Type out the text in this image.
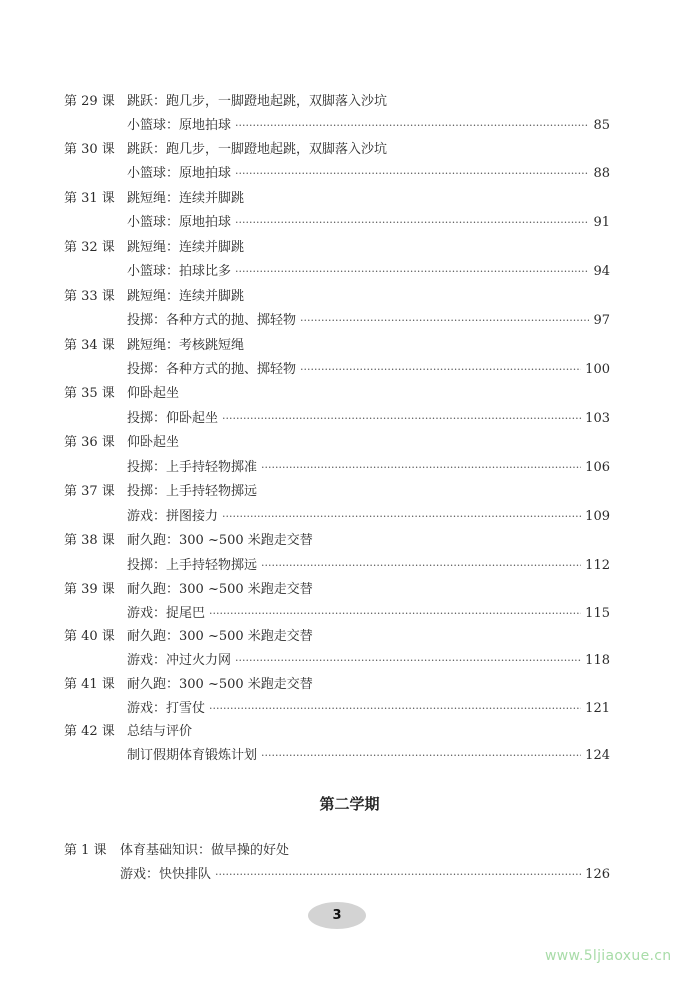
第 29 课 跳跃：跑几步，一脚蹬地起跳，双脚落入沙坑
小篮球：原地拍球 ·····	85
第 30 课 跳跃：跑几步，一脚蹬地起跳，双脚落入沙坑
小篮球：原地拍球 ·····	88
第 31 课 跳短绳：连续并脚跳
小篮球：原地拍球 ·····	91
第 32 课 跳短绳：连续并脚跳
小篮球：拍球比多 ·····	94
第 33 课 跳短绳：连续并脚跳
投掷：各种方式的抛、掷轻物 ·····	97
第 34 课 跳短绳：考核跳短绳
投掷：各种方式的抛、掷轻物 ·····	100
第 35 课 仰卧起坐
投掷：仰卧起坐 ·····	103
第 36 课 仰卧起坐
投掷：上手持轻物掷准 ·····	106
第 37 课 投掷：上手持轻物掷远
游戏：拼图接力 ·····	109
第 38 课 耐久跑：300 ~500 米跑走交替
投掷：上手持轻物掷远 ·····	112
第 39 课 耐久跑：300 ~500 米跑走交替
游戏：捉尾巴 ·····	115
第 40 课 耐久跑：300 ~500 米跑走交替
游戏：冲过火力网 ·····	118
第 41 课 耐久跑：300 ~500 米跑走交替
游戏：打雪仗 ·····	121
第 42 课 总结与评价
制订假期体育锻炼计划 ·····	124
第二学期
第 1 课 体育基础知识：做早操的好处
游戏：快快排队 ·····	126
3
www.5ljiaoxue.cn
